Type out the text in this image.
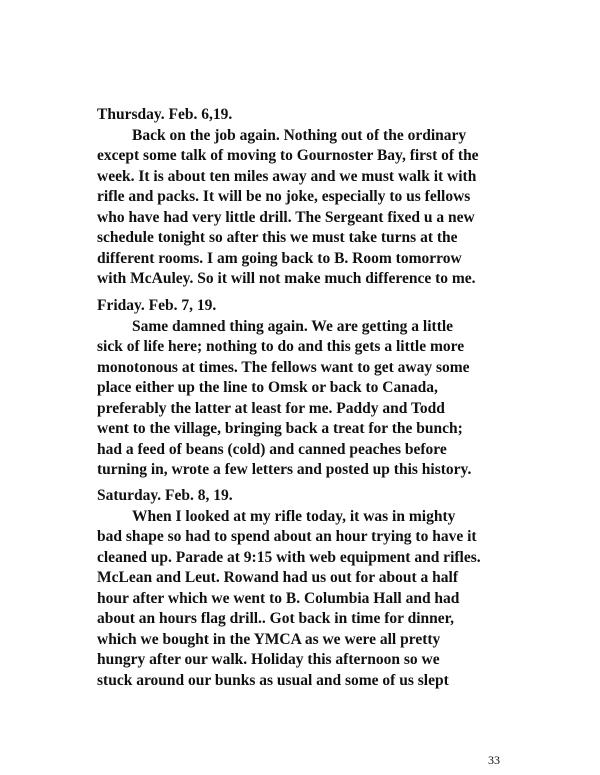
Thursday. Feb. 6,19.

Back on the job again. Nothing out of the ordinary

except some talk of moving to Gournoster Bay, first of the

week. It is about ten miles away and we must walk it with

rifle and packs. It will be no joke, especially to us fellows

who have had very little drill. The Sergeant fixed u a new

schedule tonight so after this we must take turns at the

different rooms. I am going back to B. Room tomorrow

with McAuley. So it will not make much difference to me.

Friday. Feb. 7, 19.

Same damned thing again. We are getting a little

sick of life here; nothing to do and this gets a little more

monotonous at times. The fellows want to get away some

place either up the line to Omsk or back to Canada,

preferably the latter at least for me. Paddy and Todd

went to the village, bringing back a treat for the bunch;

had a feed of beans (cold) and canned peaches before

turning in, wrote a few letters and posted up this history.

Saturday. Feb. 8, 19.

When I looked at my rifle today, it was in mighty

bad shape so had to spend about an hour trying to have it

cleaned up. Parade at 9:15 with web equipment and rifles.

McLean and Leut. Rowand had us out for about a half

hour after which we went to B. Columbia Hall and had

about an hours flag drill.. Got back in time for dinner,

which we bought in the YMCA as we were all pretty

hungry after our walk. Holiday this afternoon so we

stuck around our bunks as usual and some of us slept

33
